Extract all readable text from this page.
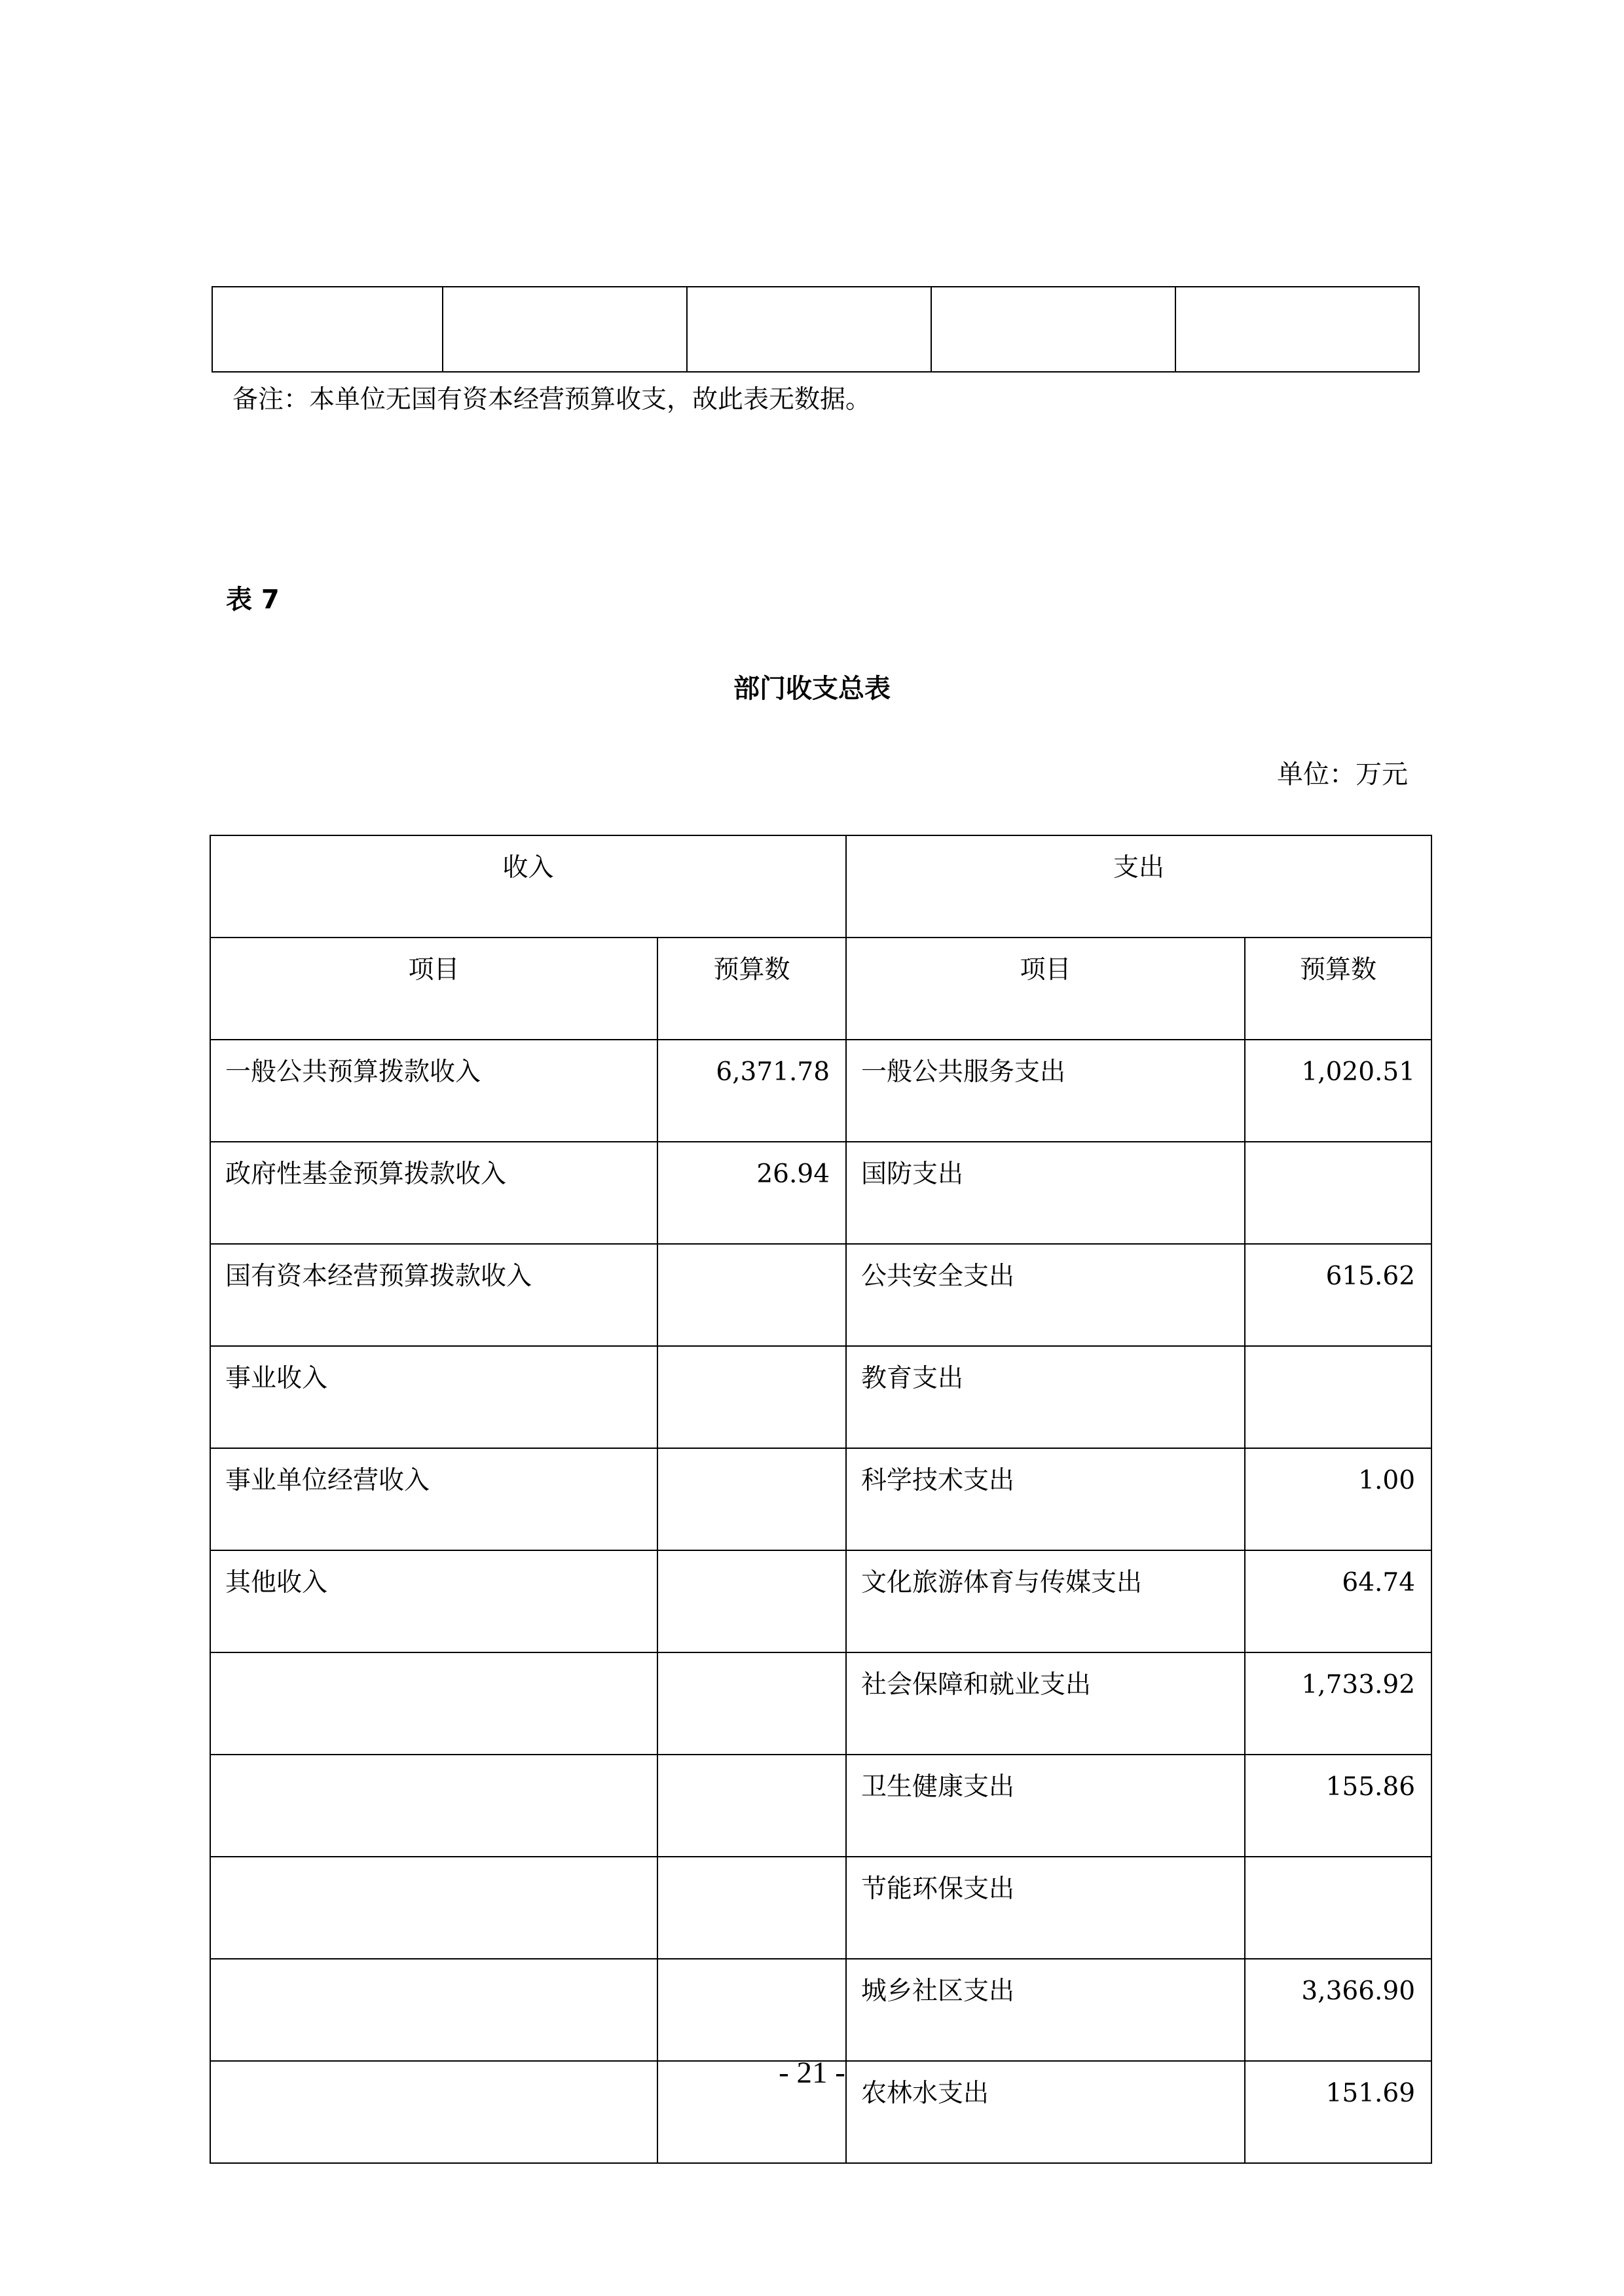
备注：本单位无国有资本经营预算收支，故此表无数据。
表 7
部门收支总表
单位：万元
收入		支出	
项目	预算数	项目	预算数
一般公共预算拨款收入	6,371.78	一般公共服务支出	1,020.51
政府性基金预算拨款收入	26.94	国防支出	
国有资本经营预算拨款收入		公共安全支出	615.62
事业收入		教育支出	
事业单位经营收入		科学技术支出	1.00
其他收入		文化旅游体育与传媒支出	64.74
		社会保障和就业支出	1,733.92
		卫生健康支出	155.86
		节能环保支出	
		城乡社区支出	3,366.90
		农林水支出	151.69
- 21 -
